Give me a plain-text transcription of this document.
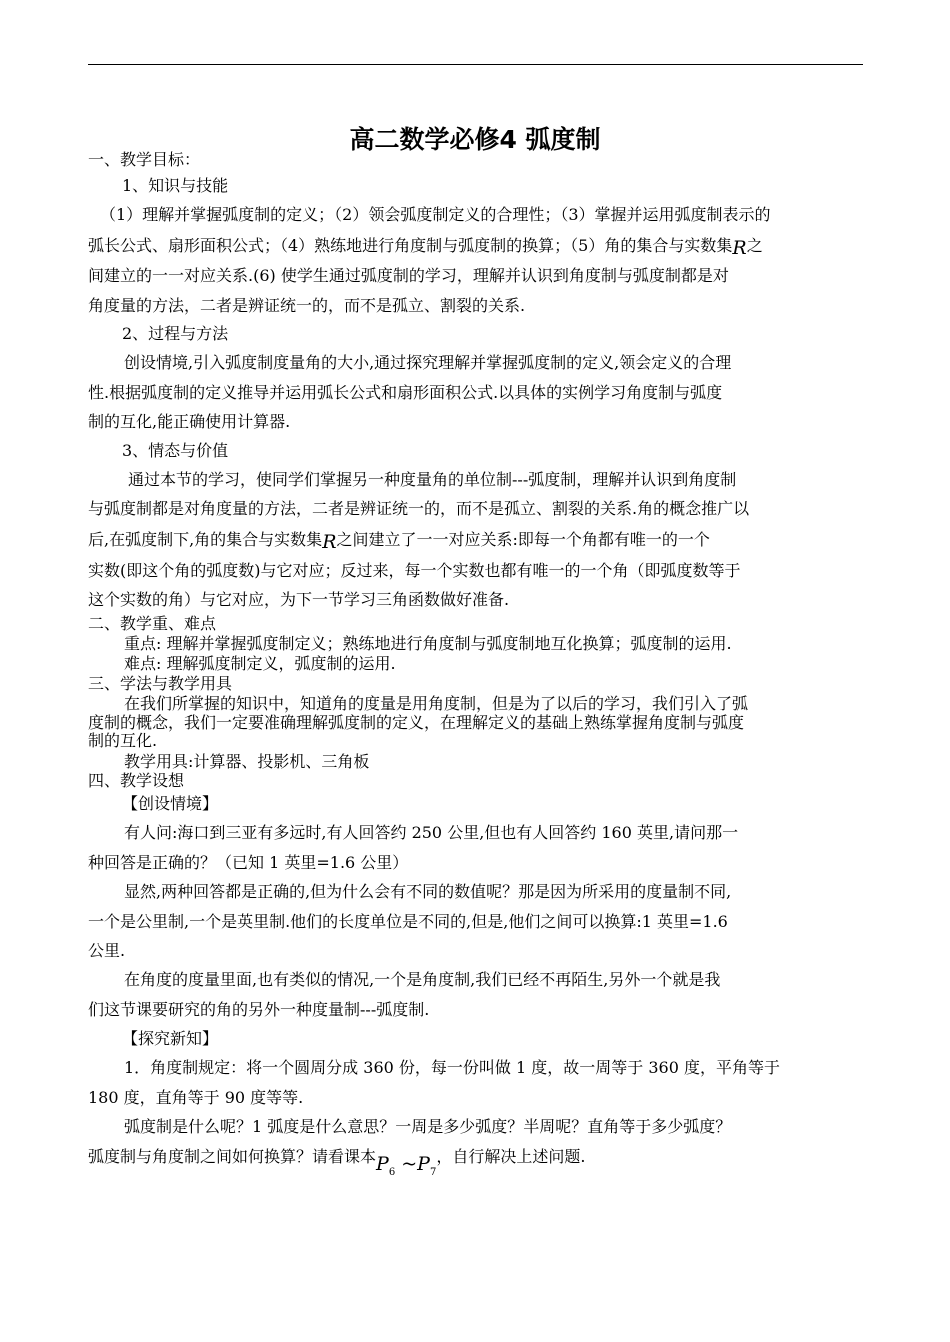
高二数学必修4 弧度制
一、教学目标：
1、知识与技能
（1）理解并掌握弧度制的定义；（2）领会弧度制定义的合理性；（3）掌握并运用弧度制表示的
弧长公式、扇形面积公式；（4）熟练地进行角度制与弧度制的换算；（5）角的集合与实数集R之
间建立的一一对应关系.(6) 使学生通过弧度制的学习，理解并认识到角度制与弧度制都是对
角度量的方法，二者是辨证统一的，而不是孤立、割裂的关系.
2、过程与方法
创设情境,引入弧度制度量角的大小,通过探究理解并掌握弧度制的定义,领会定义的合理
性.根据弧度制的定义推导并运用弧长公式和扇形面积公式.以具体的实例学习角度制与弧度
制的互化,能正确使用计算器.
3、情态与价值
通过本节的学习，使同学们掌握另一种度量角的单位制---弧度制，理解并认识到角度制
与弧度制都是对角度量的方法，二者是辨证统一的，而不是孤立、割裂的关系.角的概念推广以
后,在弧度制下,角的集合与实数集R之间建立了一一对应关系:即每一个角都有唯一的一个
实数(即这个角的弧度数)与它对应；反过来，每一个实数也都有唯一的一个角（即弧度数等于
这个实数的角）与它对应，为下一节学习三角函数做好准备.
二、教学重、难点
重点: 理解并掌握弧度制定义；熟练地进行角度制与弧度制地互化换算；弧度制的运用.
难点: 理解弧度制定义，弧度制的运用.
三、学法与教学用具
在我们所掌握的知识中，知道角的度量是用角度制，但是为了以后的学习，我们引入了弧
度制的概念，我们一定要准确理解弧度制的定义，在理解定义的基础上熟练掌握角度制与弧度
制的互化.
教学用具:计算器、投影机、三角板
四、教学设想
【创设情境】
有人问:海口到三亚有多远时,有人回答约 250 公里,但也有人回答约 160 英里,请问那一
种回答是正确的？（已知 1 英里=1.6 公里）
显然,两种回答都是正确的,但为什么会有不同的数值呢？那是因为所采用的度量制不同,
一个是公里制,一个是英里制.他们的长度单位是不同的,但是,他们之间可以换算:1 英里=1.6
公里.
在角度的度量里面,也有类似的情况,一个是角度制,我们已经不再陌生,另外一个就是我
们这节课要研究的角的另外一种度量制---弧度制.
【探究新知】
1．角度制规定：将一个圆周分成 360 份，每一份叫做 1 度，故一周等于 360 度，平角等于
180 度，直角等于 90 度等等.
弧度制是什么呢？1 弧度是什么意思？一周是多少弧度？半周呢？直角等于多少弧度？
弧度制与角度制之间如何换算？请看课本$P_6$ $\sim P_7$，自行解决上述问题.
